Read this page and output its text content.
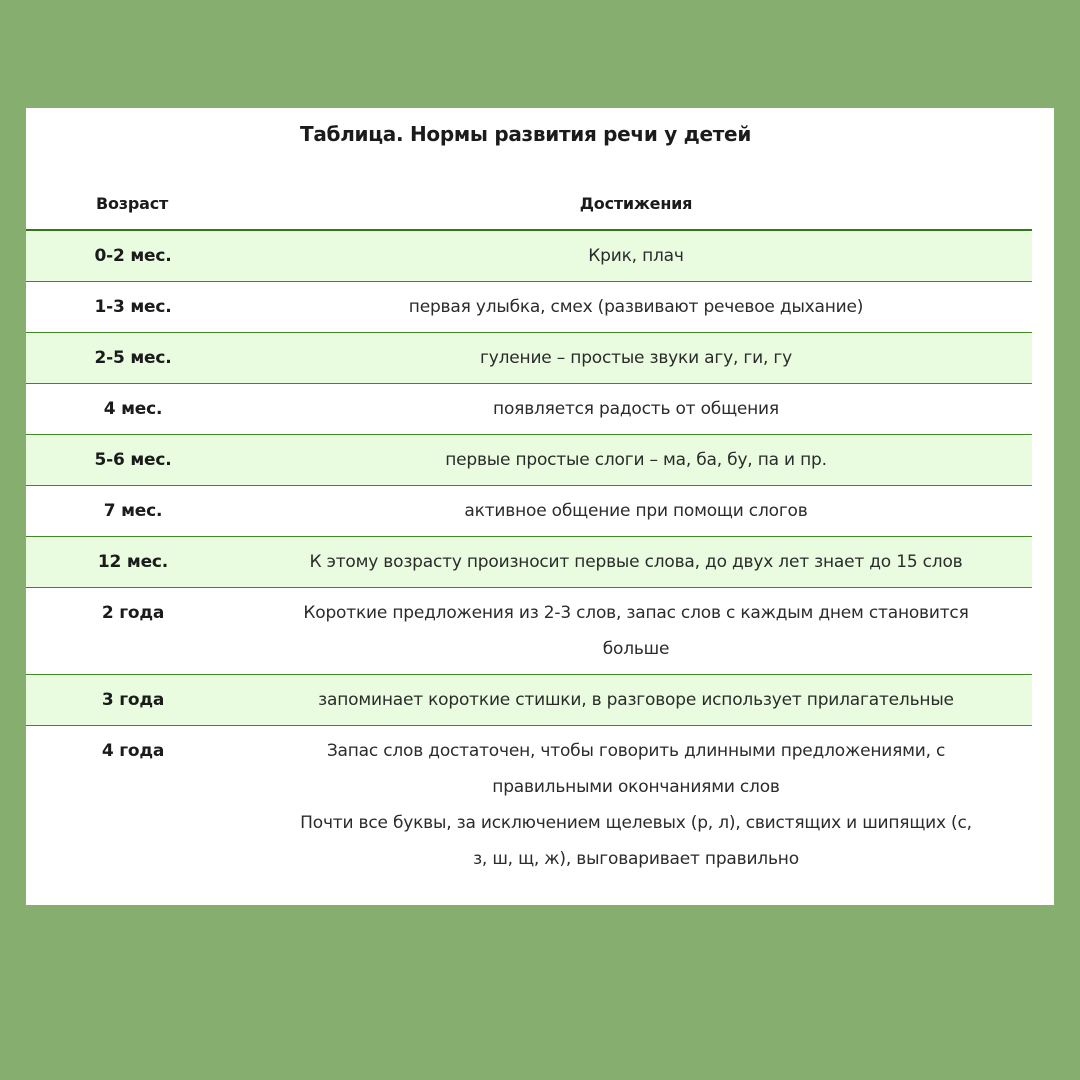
Таблица. Нормы развития речи у детей
Возраст	Достижения
0-2 мес.	Крик, плач

1-3 мес.	первая улыбка, смех (развивают речевое дыхание)

2-5 мес.	гуление – простые звуки агу, ги, гу

4 мес.	появляется радость от общения

5-6 мес.	первые простые слоги – ма, ба, бу, па и пр.

7 мес.	активное общение при помощи слогов

12 мес.	К этому возрасту произносит первые слова, до двух лет знает до 15 слов

2 года	Короткие предложения из 2-3 слов, запас слов с каждым днем становится
больше

3 года	запоминает короткие стишки, в разговоре использует прилагательные

4 года	Запас слов достаточен, чтобы говорить длинными предложениями, с
правильными окончаниями слов
Почти все буквы, за исключением щелевых (р, л), свистящих и шипящих (с,
з, ш, щ, ж), выговаривает правильно
